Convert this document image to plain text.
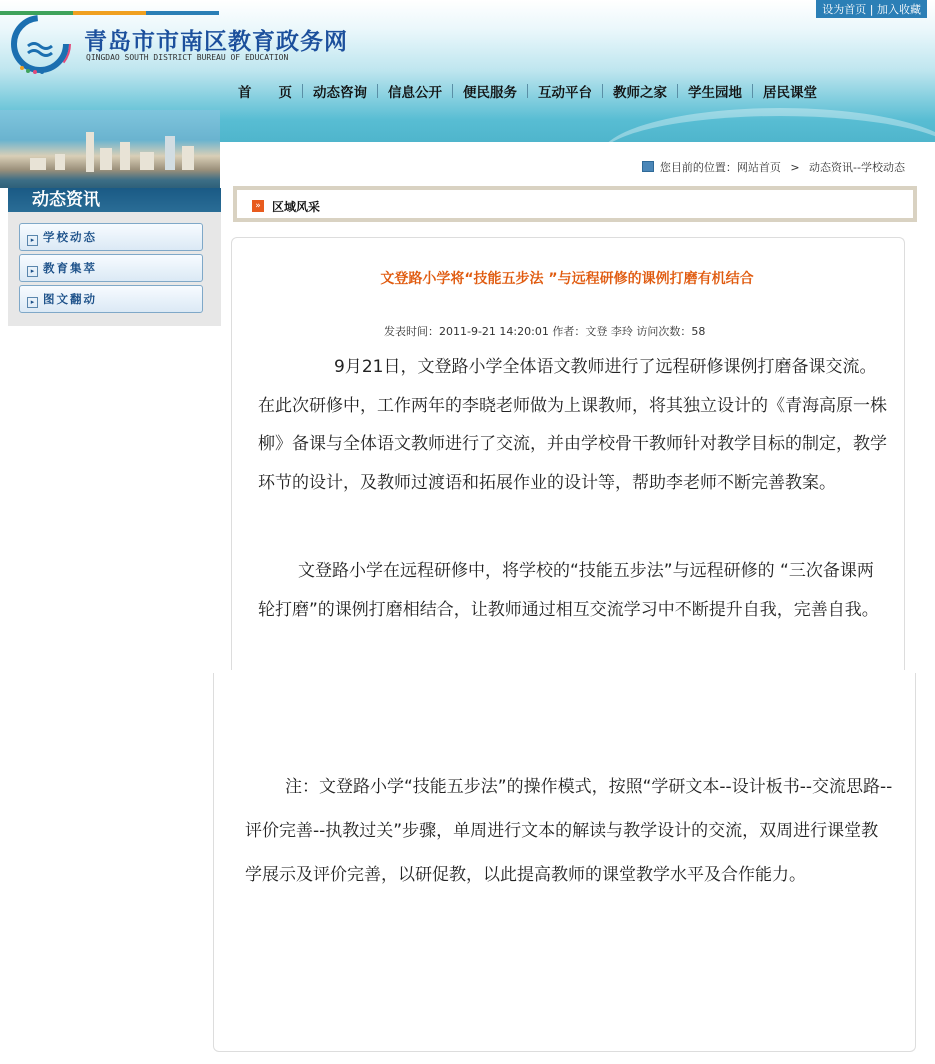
设为首页 | 加入收藏
青岛市市南区教育政务网
QINGDAO SOUTH DISTRICT BUREAU OF EDUCATION
首　　页	动态咨询	信息公开	便民服务	互动平台	教师之家	学生园地	居民课堂
动态资讯
▸ 学校动态
▸ 教育集萃
▸ 图文翻动
您目前的位置：网站首页 > 动态资讯--学校动态
» 区域风采
文登路小学将“技能五步法 ”与远程研修的课例打磨有机结合
发表时间：2011-9-21 14:20:01 作者：文登 李玲 访问次数：58
9月21日，文登路小学全体语文教师进行了远程研修课例打磨备课交流。在此次研修中，工作两年的李晓老师做为上课教师，将其独立设计的《青海高原一株柳》备课与全体语文教师进行了交流，并由学校骨干教师针对教学目标的制定，教学环节的设计，及教师过渡语和拓展作业的设计等，帮助李老师不断完善教案。
文登路小学在远程研修中，将学校的“技能五步法”与远程研修的 “三次备课两轮打磨”的课例打磨相结合，让教师通过相互交流学习中不断提升自我，完善自我。
注：文登路小学“技能五步法”的操作模式，按照“学研文本--设计板书--交流思路--评价完善--执教过关”步骤，单周进行文本的解读与教学设计的交流，双周进行课堂教学展示及评价完善，以研促教，以此提高教师的课堂教学水平及合作能力。
